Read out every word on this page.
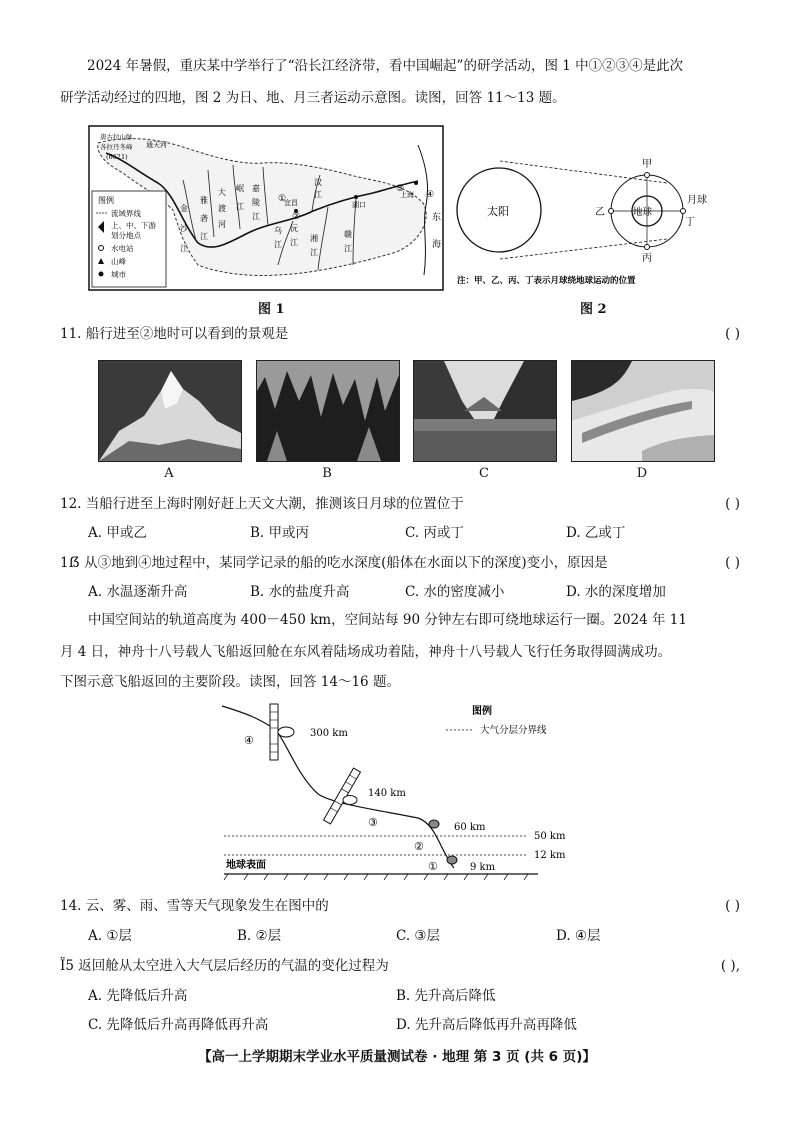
2024 年暑假，重庆某中学举行了“沿长江经济带，看中国崛起”的研学活动，图 1 中①②③④是此次
研学活动经过的四地，图 2 为日、地、月三者运动示意图。读图，回答 11～13 题。
图例
流域界线
上、中、下游
划分地点
水电站
山峰
城市
唐古拉山脉
各拉丹冬峰
(6621)
通天河
金
沙
江
雅
砻
江
大
渡
河
岷
江
嘉
陵
江
乌
江
汉
江
沅
江 湘
江
赣
江
宜昌	湖口
上海
东
海
①
②
③
④
图 1
太阳	地球
甲
乙
丙
丁
月球
注：甲、乙、丙、丁表示月球绕地球运动的位置
图 2
11. 船行进至②地时可以看到的景观是	( )
A	B	C	D
12. 当船行进至上海时刚好赶上天文大潮，推测该日月球的位置位于	( )
A. 甲或乙	B. 甲或丙	C. 丙或丁	D. 乙或丁
1ẞ 从③地到④地过程中，某同学记录的船的吃水深度(船体在水面以下的深度)变小，原因是	( )
A. 水温逐渐升高	B. 水的盐度升高	C. 水的密度减小	D. 水的深度增加
中国空间站的轨道高度为 400－450 km，空间站每 90 分钟左右即可绕地球运行一圈。2024 年 11
月 4 日，神舟十八号载人飞船返回舱在东风着陆场成功着陆，神舟十八号载人飞行任务取得圆满成功。
下图示意飞船返回的主要阶段。读图，回答 14～16 题。
图例
大气分层分界线
300 km
140 km
60 km
50 km
12 km
9 km
地球表面	①
②
③
④
14. 云、雾、雨、雪等天气现象发生在图中的	( )
A. ①层	B. ②层	C. ③层	D. ④层
Ї5 返回舱从太空进入大气层后经历的气温的变化过程为	( ),
A. 先降低后升高	B. 先升高后降低
C. 先降低后升高再降低再升高	D. 先升高后降低再升高再降低
【高一上学期期末学业水平质量测试卷 · 地理 第 3 页 (共 6 页)】
